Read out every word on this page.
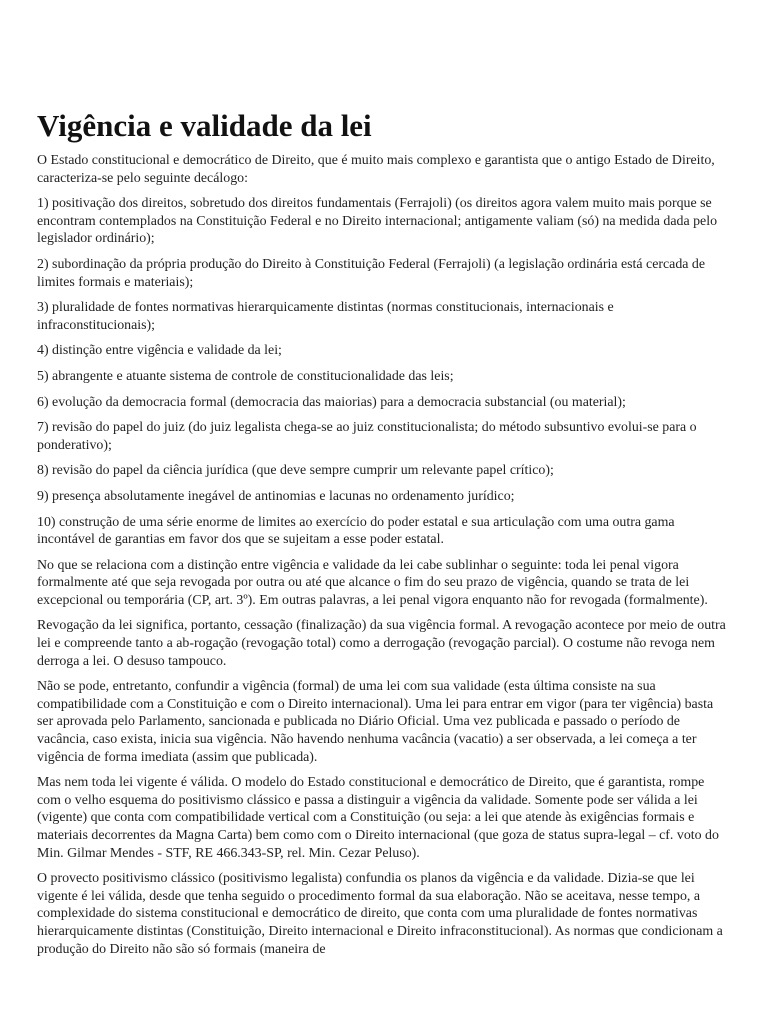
Vigência e validade da lei

O Estado constitucional e democrático de Direito, que é muito mais complexo e garantista que o antigo Estado de Direito, caracteriza-se pelo seguinte decálogo:

1) positivação dos direitos, sobretudo dos direitos fundamentais (Ferrajoli) (os direitos agora valem muito mais porque se encontram contemplados na Constituição Federal e no Direito internacional; antigamente valiam (só) na medida dada pelo legislador ordinário);

2) subordinação da própria produção do Direito à Constituição Federal (Ferrajoli) (a legislação ordinária está cercada de limites formais e materiais);

3) pluralidade de fontes normativas hierarquicamente distintas (normas constitucionais, internacionais e infraconstitucionais);

4) distinção entre vigência e validade da lei;

5) abrangente e atuante sistema de controle de constitucionalidade das leis;

6) evolução da democracia formal (democracia das maiorias) para a democracia substancial (ou material);

7) revisão do papel do juiz (do juiz legalista chega-se ao juiz constitucionalista; do método subsuntivo evolui-se para o ponderativo);

8) revisão do papel da ciência jurídica (que deve sempre cumprir um relevante papel crítico);

9) presença absolutamente inegável de antinomias e lacunas no ordenamento jurídico;

10) construção de uma série enorme de limites ao exercício do poder estatal e sua articulação com uma outra gama incontável de garantias em favor dos que se sujeitam a esse poder estatal.

No que se relaciona com a distinção entre vigência e validade da lei cabe sublinhar o seguinte: toda lei penal vigora formalmente até que seja revogada por outra ou até que alcance o fim do seu prazo de vigência, quando se trata de lei excepcional ou temporária (CP, art. 3º). Em outras palavras, a lei penal vigora enquanto não for revogada (formalmente).

Revogação da lei significa, portanto, cessação (finalização) da sua vigência formal. A revogação acontece por meio de outra lei e compreende tanto a ab-rogação (revogação total) como a derrogação (revogação parcial). O costume não revoga nem derroga a lei. O desuso tampouco.

Não se pode, entretanto, confundir a vigência (formal) de uma lei com sua validade (esta última consiste na sua compatibilidade com a Constituição e com o Direito internacional). Uma lei para entrar em vigor (para ter vigência) basta ser aprovada pelo Parlamento, sancionada e publicada no Diário Oficial. Uma vez publicada e passado o período de vacância, caso exista, inicia sua vigência. Não havendo nenhuma vacância (vacatio) a ser observada, a lei começa a ter vigência de forma imediata (assim que publicada).

Mas nem toda lei vigente é válida. O modelo do Estado constitucional e democrático de Direito, que é garantista, rompe com o velho esquema do positivismo clássico e passa a distinguir a vigência da validade. Somente pode ser válida a lei (vigente) que conta com compatibilidade vertical com a Constituição (ou seja: a lei que atende às exigências formais e materiais decorrentes da Magna Carta) bem como com o Direito internacional (que goza de status supra-legal – cf. voto do Min. Gilmar Mendes - STF, RE 466.343-SP, rel. Min. Cezar Peluso).

O provecto positivismo clássico (positivismo legalista) confundia os planos da vigência e da validade. Dizia-se que lei vigente é lei válida, desde que tenha seguido o procedimento formal da sua elaboração. Não se aceitava, nesse tempo, a complexidade do sistema constitucional e democrático de direito, que conta com uma pluralidade de fontes normativas hierarquicamente distintas (Constituição, Direito internacional e Direito infraconstitucional). As normas que condicionam a produção do Direito não são só formais (maneira de
